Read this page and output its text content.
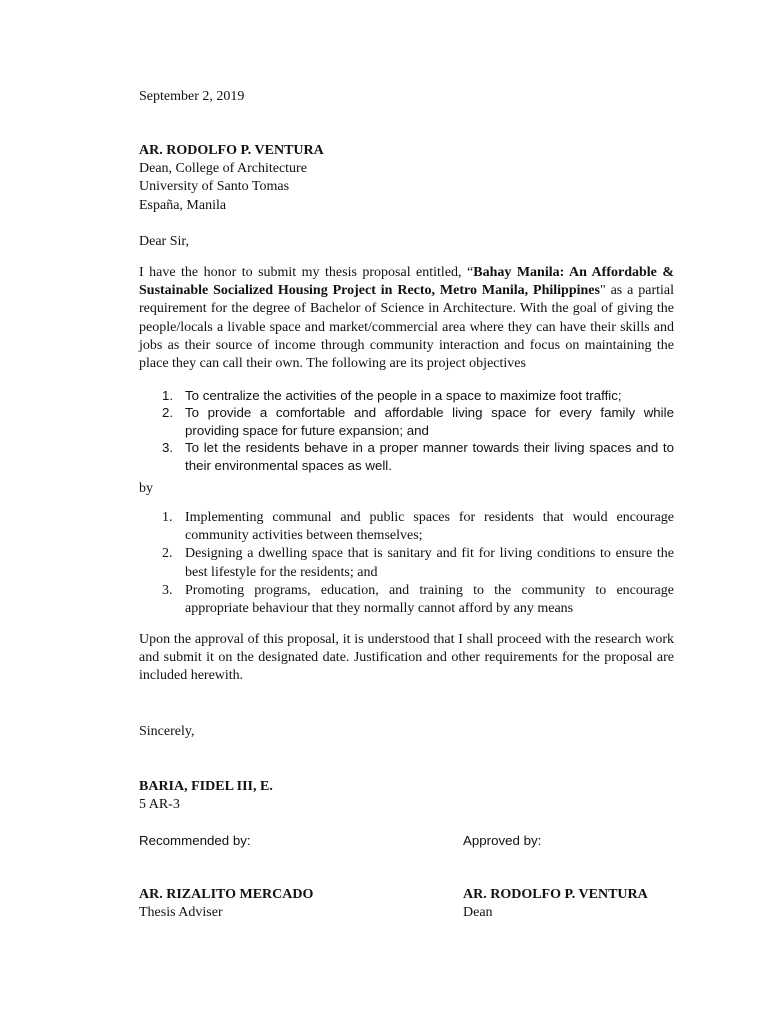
September 2, 2019

AR. RODOLFO P. VENTURA

Dean, College of Architecture

University of Santo Tomas

España, Manila

Dear Sir,
I have the honor to submit my thesis proposal entitled, “Bahay Manila: An Affordable & Sustainable Socialized Housing Project in Recto, Metro Manila, Philippines" as a partial requirement for the degree of Bachelor of Science in Architecture. With the goal of giving the people/locals a livable space and market/commercial area where they can have their skills and jobs as their source of income through community interaction and focus on maintaining the place they can call their own. The following are its project objectives
1. To centralize the activities of the people in a space to maximize foot traffic;
2. To provide a comfortable and affordable living space for every family while providing space for future expansion; and
3. To let the residents behave in a proper manner towards their living spaces and to their environmental spaces as well.
by
1. Implementing communal and public spaces for residents that would encourage community activities between themselves;
2. Designing a dwelling space that is sanitary and fit for living conditions to ensure the best lifestyle for the residents; and
3. Promoting programs, education, and training to the community to encourage appropriate behaviour that they normally cannot afford by any means
Upon the approval of this proposal, it is understood that I shall proceed with the research work and submit it on the designated date. Justification and other requirements for the proposal are included herewith.
Sincerely,

BARIA, FIDEL III, E.

5 AR-3

Recommended by:	Approved by:

AR. RIZALITO MERCADO

Thesis Adviser

AR. RODOLFO P. VENTURA

Dean
